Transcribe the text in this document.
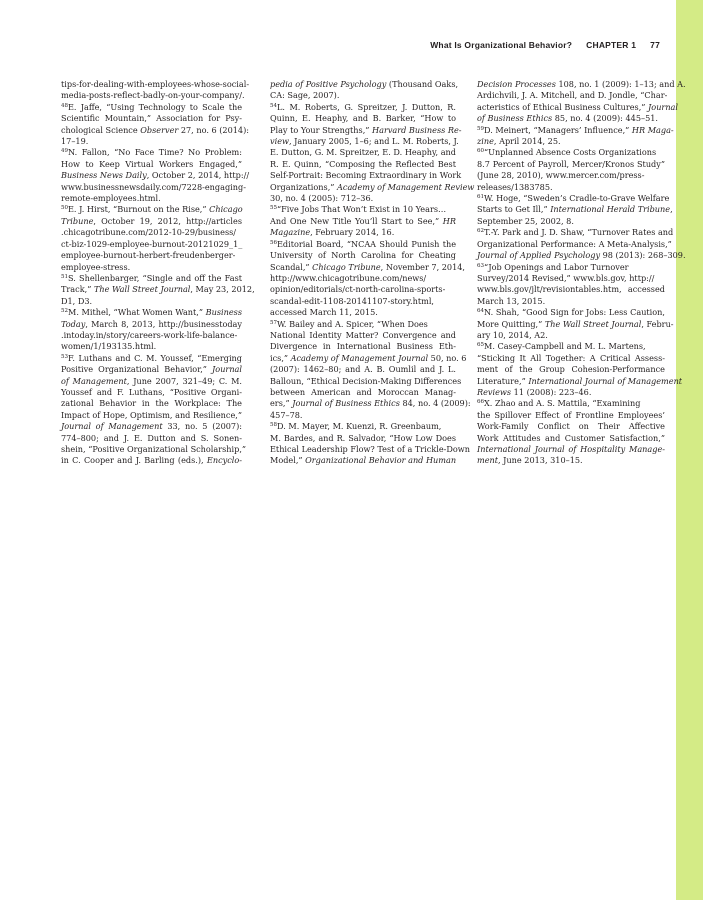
What Is Organizational Behavior? CHAPTER 1 77
tips-for-dealing-with-employees-whose-social-
media-posts-reflect-badly-on-your-company/.
$^{48}$E. Jaffe, “Using Technology to Scale the
Scientific Mountain,” Association for Psy-
chological Science Observer 27, no. 6 (2014):
17–19.
$^{49}$N. Fallon, “No Face Time? No Problem:
How to Keep Virtual Workers Engaged,”
Business News Daily, October 2, 2014, http://
www.businessnewsdaily.com/7228-engaging-
remote-employees.html.
$^{50}$E. J. Hirst, “Burnout on the Rise,” Chicago
Tribune, October 19, 2012, http://articles
.chicagotribune.com/2012-10-29/business/
ct-biz-1029-employee-burnout-20121029_1_
employee-burnout-herbert-freudenberger-
employee-stress.
$^{51}$S. Shellenbarger, “Single and off the Fast
Track,” The Wall Street Journal, May 23, 2012,
D1, D3.
$^{52}$M. Mithel, “What Women Want,” Business
Today, March 8, 2013, http://businesstoday
.intoday.in/story/careers-work-life-balance-
women/1/193135.html.
$^{53}$F. Luthans and C. M. Youssef, “Emerging
Positive Organizational Behavior,” Journal
of Management, June 2007, 321–49; C. M.
Youssef and F. Luthans, “Positive Organi-
zational Behavior in the Workplace: The
Impact of Hope, Optimism, and Resilience,”
Journal of Management 33, no. 5 (2007):
774–800; and J. E. Dutton and S. Sonen-
shein, “Positive Organizational Scholarship,”
in C. Cooper and J. Barling (eds.), Encyclo-
pedia of Positive Psychology (Thousand Oaks,
CA: Sage, 2007).
$^{54}$L. M. Roberts, G. Spreitzer, J. Dutton, R.
Quinn, E. Heaphy, and B. Barker, “How to
Play to Your Strengths,” Harvard Business Re-
view, January 2005, 1–6; and L. M. Roberts, J.
E. Dutton, G. M. Spreitzer, E. D. Heaphy, and
R. E. Quinn, “Composing the Reflected Best
Self-Portrait: Becoming Extraordinary in Work
Organizations,” Academy of Management Review
30, no. 4 (2005): 712–36.
$^{55}$“Five Jobs That Won’t Exist in 10 Years…
And One New Title You’ll Start to See,” HR
Magazine, February 2014, 16.
$^{56}$Editorial Board, “NCAA Should Punish the
University of North Carolina for Cheating
Scandal,” Chicago Tribune, November 7, 2014,
http://www.chicagotribune.com/news/
opinion/editorials/ct-north-carolina-sports-
scandal-edit-1108-20141107-story.html,
accessed March 11, 2015.
$^{57}$W. Bailey and A. Spicer, “When Does
National Identity Matter? Convergence and
Divergence in International Business Eth-
ics,” Academy of Management Journal 50, no. 6
(2007): 1462–80; and A. B. Oumlil and J. L.
Balloun, “Ethical Decision-Making Differences
between American and Moroccan Manag-
ers,” Journal of Business Ethics 84, no. 4 (2009):
457–78.
$^{58}$D. M. Mayer, M. Kuenzi, R. Greenbaum,
M. Bardes, and R. Salvador, “How Low Does
Ethical Leadership Flow? Test of a Trickle-Down
Model,” Organizational Behavior and Human
Decision Processes 108, no. 1 (2009): 1–13; and A.
Ardichvili, J. A. Mitchell, and D. Jondle, “Char-
acteristics of Ethical Business Cultures,” Journal
of Business Ethics 85, no. 4 (2009): 445–51.
$^{59}$D. Meinert, “Managers’ Influence,” HR Maga-
zine, April 2014, 25.
$^{60}$“Unplanned Absence Costs Organizations
8.7 Percent of Payroll, Mercer/Kronos Study”
(June 28, 2010), www.mercer.com/press-
releases/1383785.
$^{61}$W. Hoge, “Sweden’s Cradle-to-Grave Welfare
Starts to Get Ill,” International Herald Tribune,
September 25, 2002, 8.
$^{62}$T.-Y. Park and J. D. Shaw, “Turnover Rates and
Organizational Performance: A Meta-Analysis,”
Journal of Applied Psychology 98 (2013): 268–309.
$^{63}$“Job Openings and Labor Turnover
Survey/2014 Revised,” www.bls.gov, http://
www.bls.gov/jlt/revisiontables.htm, accessed
March 13, 2015.
$^{64}$N. Shah, “Good Sign for Jobs: Less Caution,
More Quitting,” The Wall Street Journal, Febru-
ary 10, 2014, A2.
$^{65}$M. Casey-Campbell and M. L. Martens,
“Sticking It All Together: A Critical Assess-
ment of the Group Cohesion-Performance
Literature,” International Journal of Management
Reviews 11 (2008): 223–46.
$^{66}$X. Zhao and A. S. Mattila, “Examining
the Spillover Effect of Frontline Employees’
Work-Family Conflict on Their Affective
Work Attitudes and Customer Satisfaction,”
International Journal of Hospitality Manage-
ment, June 2013, 310–15.
